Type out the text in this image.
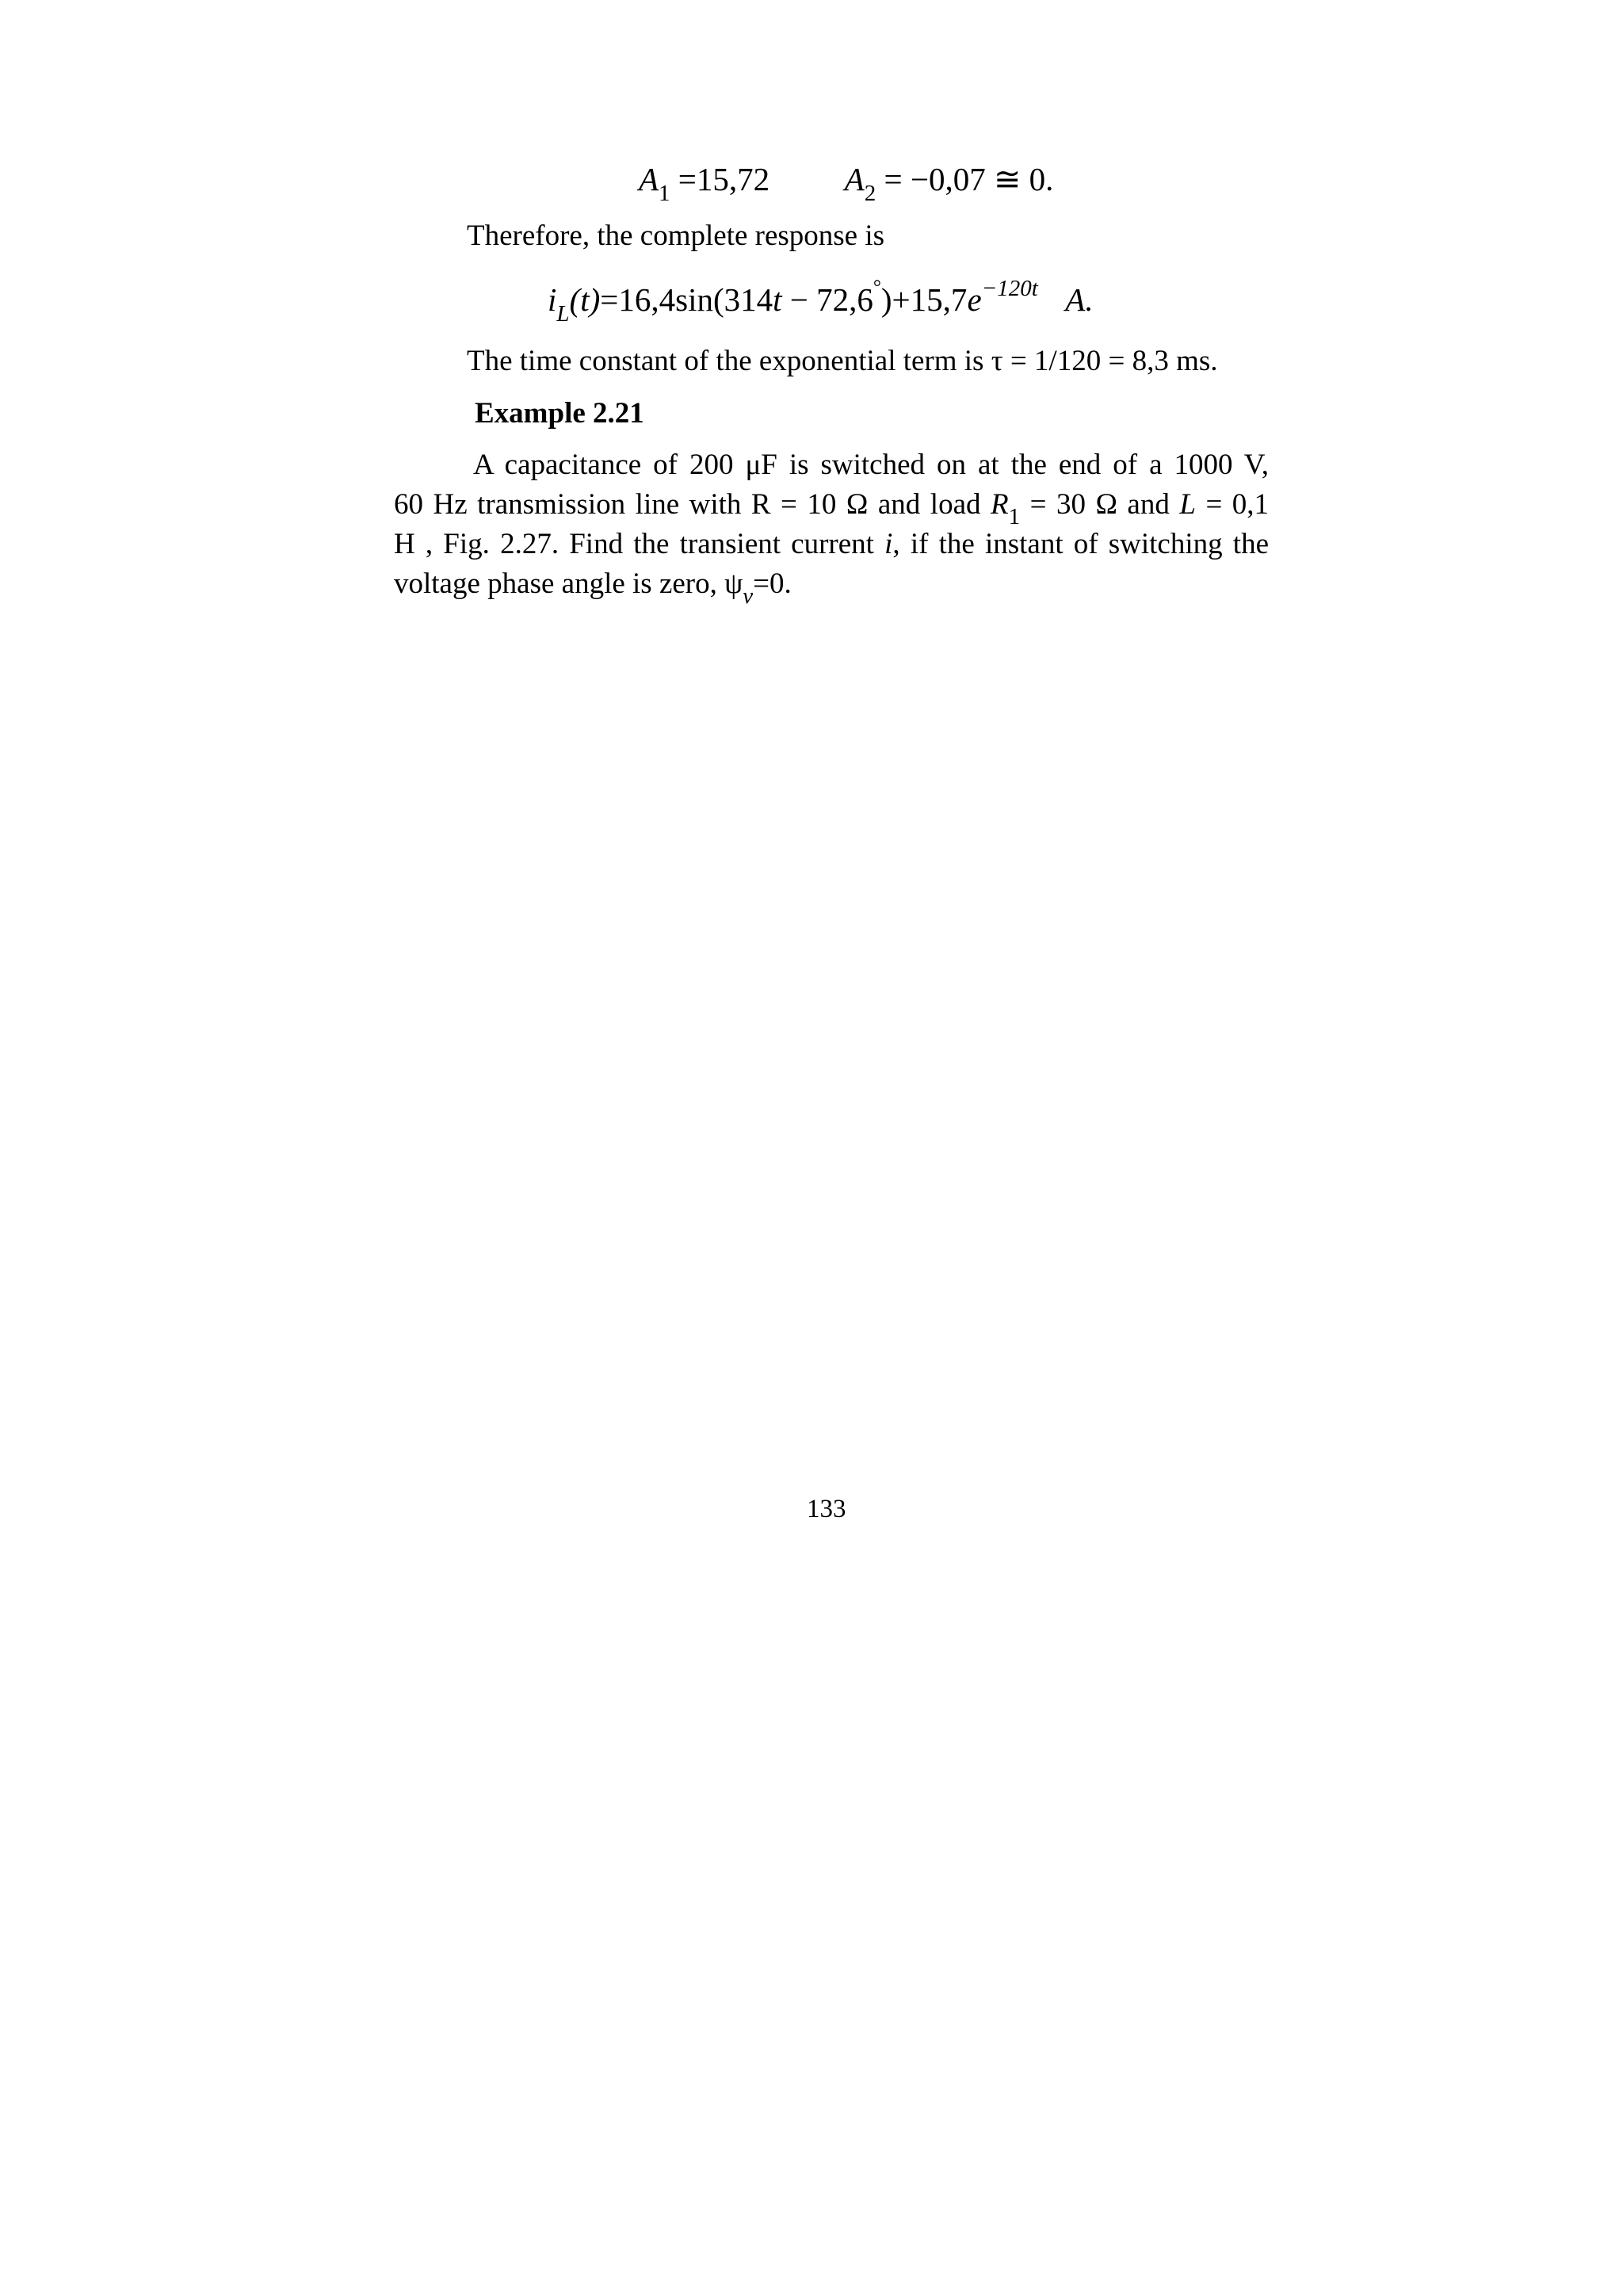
$A_1 =15,72$ $A_2 = -0,07$ ≅ 0.
Therefore, the complete response is
$i_L(t)=16,4\sin(314t - 72,6^\circ)+15,7e^{-120t}$ A.
The time constant of the exponential term is τ = 1/120 = 8,3 ms.
Example 2.21
A capacitance of 200 μF is switched on at the end of a 1000 V,
60 Hz transmission line with R = 10 Ω and load $R_1 = 30$ Ω and L = 0,1
H , Fig. 2.27. Find the transient current i, if the instant of switching the
voltage phase angle is zero, $\psi_v=0$.
133
